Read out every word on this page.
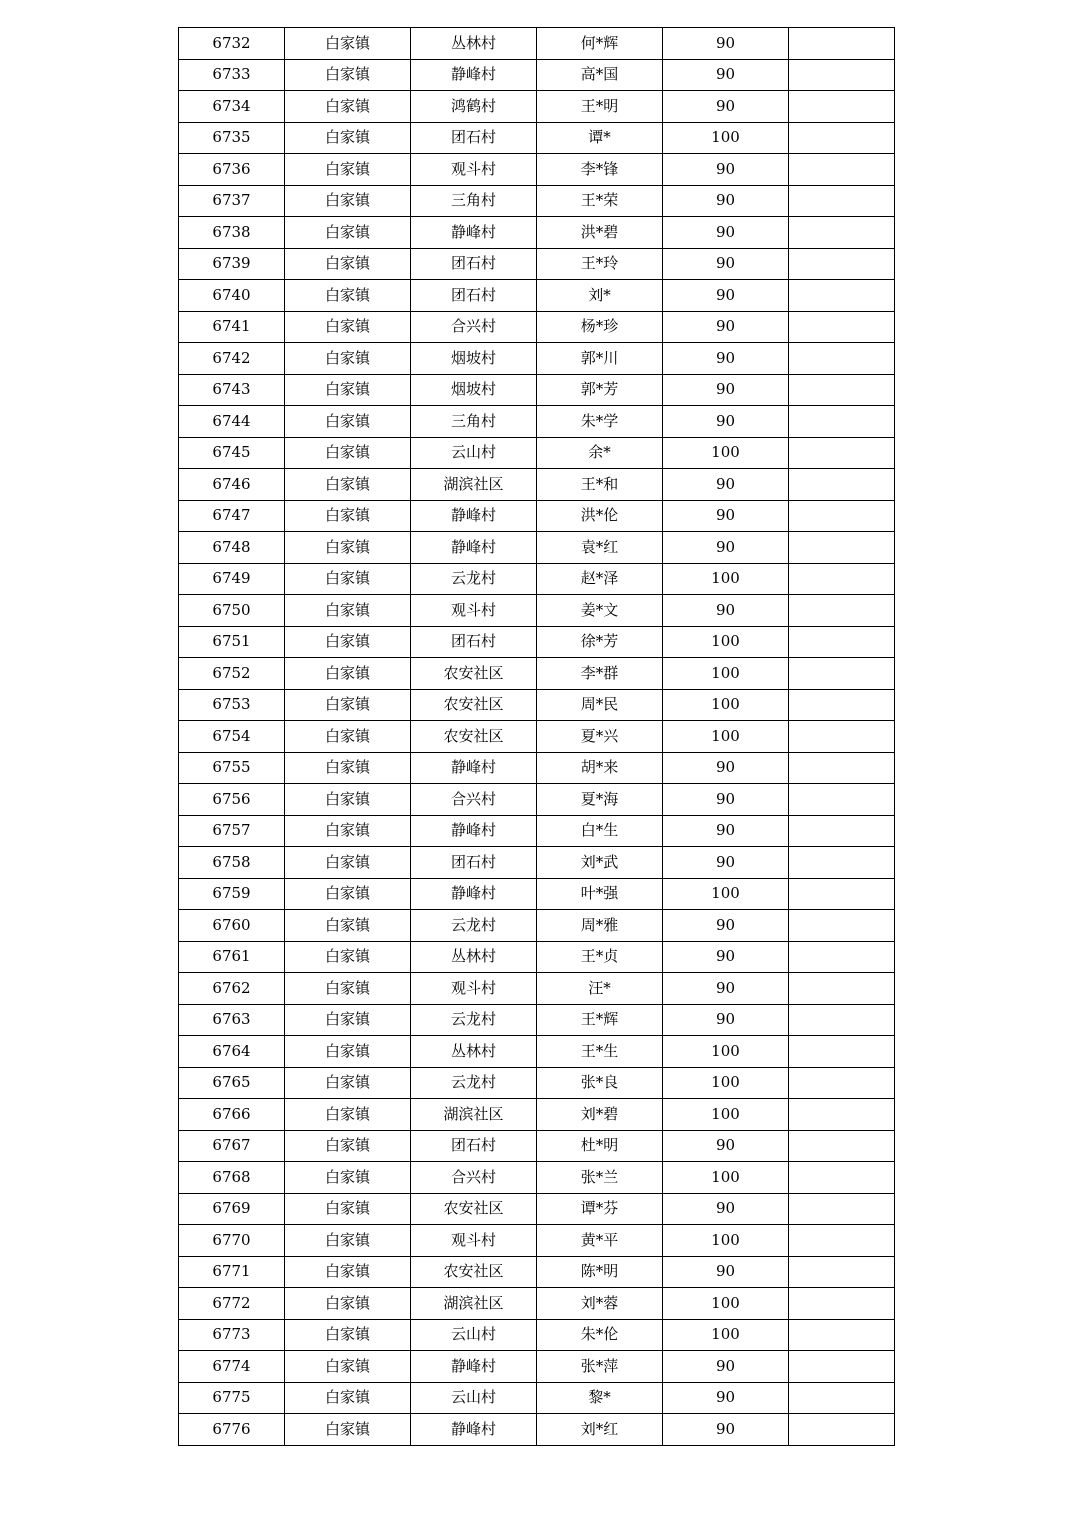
6732	白家镇	丛林村	何*辉	90	
6733	白家镇	静峰村	高*国	90	
6734	白家镇	鸿鹤村	王*明	90	
6735	白家镇	团石村	谭*	100	
6736	白家镇	观斗村	李*锋	90	
6737	白家镇	三角村	王*荣	90	
6738	白家镇	静峰村	洪*碧	90	
6739	白家镇	团石村	王*玲	90	
6740	白家镇	团石村	刘*	90	
6741	白家镇	合兴村	杨*珍	90	
6742	白家镇	烟坡村	郭*川	90	
6743	白家镇	烟坡村	郭*芳	90	
6744	白家镇	三角村	朱*学	90	
6745	白家镇	云山村	余*	100	
6746	白家镇	湖滨社区	王*和	90	
6747	白家镇	静峰村	洪*伦	90	
6748	白家镇	静峰村	袁*红	90	
6749	白家镇	云龙村	赵*泽	100	
6750	白家镇	观斗村	姜*文	90	
6751	白家镇	团石村	徐*芳	100	
6752	白家镇	农安社区	李*群	100	
6753	白家镇	农安社区	周*民	100	
6754	白家镇	农安社区	夏*兴	100	
6755	白家镇	静峰村	胡*来	90	
6756	白家镇	合兴村	夏*海	90	
6757	白家镇	静峰村	白*生	90	
6758	白家镇	团石村	刘*武	90	
6759	白家镇	静峰村	叶*强	100	
6760	白家镇	云龙村	周*雅	90	
6761	白家镇	丛林村	王*贞	90	
6762	白家镇	观斗村	汪*	90	
6763	白家镇	云龙村	王*辉	90	
6764	白家镇	丛林村	王*生	100	
6765	白家镇	云龙村	张*良	100	
6766	白家镇	湖滨社区	刘*碧	100	
6767	白家镇	团石村	杜*明	90	
6768	白家镇	合兴村	张*兰	100	
6769	白家镇	农安社区	谭*芬	90	
6770	白家镇	观斗村	黄*平	100	
6771	白家镇	农安社区	陈*明	90	
6772	白家镇	湖滨社区	刘*蓉	100	
6773	白家镇	云山村	朱*伦	100	
6774	白家镇	静峰村	张*萍	90	
6775	白家镇	云山村	黎*	90	
6776	白家镇	静峰村	刘*红	90	
